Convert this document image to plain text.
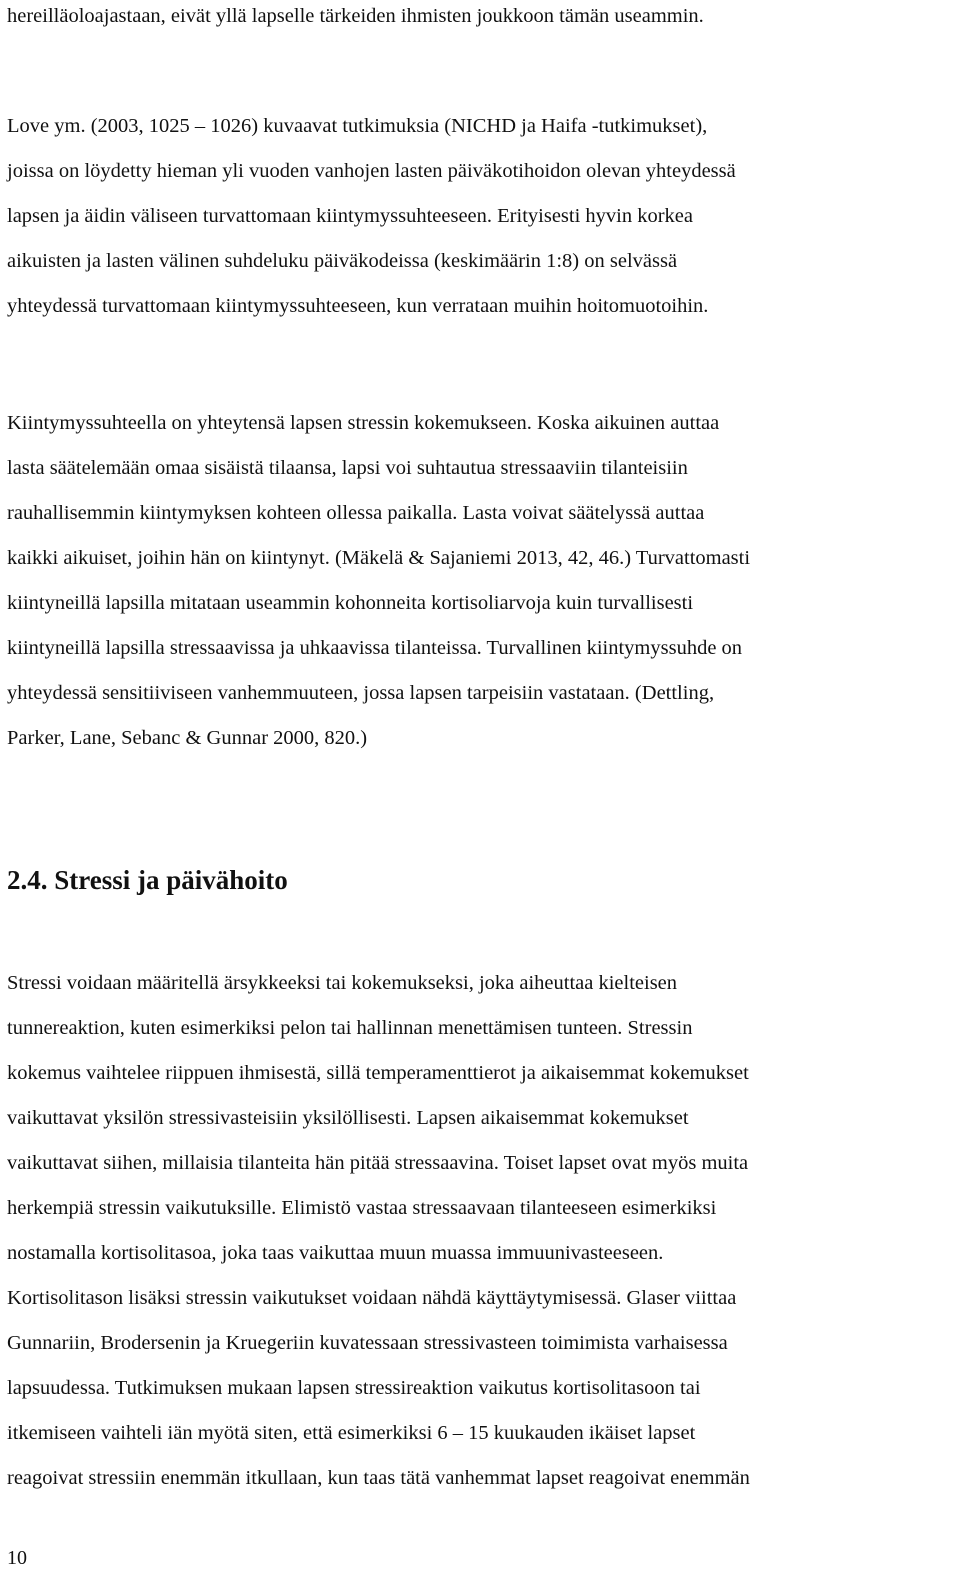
hereilläoloajastaan, eivät yllä lapselle tärkeiden ihmisten joukkoon tämän useammin.
Love ym. (2003, 1025 – 1026) kuvaavat tutkimuksia (NICHD ja Haifa -tutkimukset),
joissa on löydetty hieman yli vuoden vanhojen lasten päiväkotihoidon olevan yhteydessä
lapsen ja äidin väliseen turvattomaan kiintymyssuhteeseen. Erityisesti hyvin korkea
aikuisten ja lasten välinen suhdeluku päiväkodeissa (keskimäärin 1:8) on selvässä
yhteydessä turvattomaan kiintymyssuhteeseen, kun verrataan muihin hoitomuotoihin.
Kiintymyssuhteella on yhteytensä lapsen stressin kokemukseen. Koska aikuinen auttaa
lasta säätelemään omaa sisäistä tilaansa, lapsi voi suhtautua stressaaviin tilanteisiin
rauhallisemmin kiintymyksen kohteen ollessa paikalla. Lasta voivat säätelyssä auttaa
kaikki aikuiset, joihin hän on kiintynyt. (Mäkelä & Sajaniemi 2013, 42, 46.) Turvattomasti
kiintyneillä lapsilla mitataan useammin kohonneita kortisoliarvoja kuin turvallisesti
kiintyneillä lapsilla stressaavissa ja uhkaavissa tilanteissa. Turvallinen kiintymyssuhde on
yhteydessä sensitiiviseen vanhemmuuteen, jossa lapsen tarpeisiin vastataan. (Dettling,
Parker, Lane, Sebanc & Gunnar 2000, 820.)
2.4. Stressi ja päivähoito
Stressi voidaan määritellä ärsykkeeksi tai kokemukseksi, joka aiheuttaa kielteisen
tunnereaktion, kuten esimerkiksi pelon tai hallinnan menettämisen tunteen. Stressin
kokemus vaihtelee riippuen ihmisestä, sillä temperamenttierot ja aikaisemmat kokemukset
vaikuttavat yksilön stressivasteisiin yksilöllisesti. Lapsen aikaisemmat kokemukset
vaikuttavat siihen, millaisia tilanteita hän pitää stressaavina. Toiset lapset ovat myös muita
herkempiä stressin vaikutuksille. Elimistö vastaa stressaavaan tilanteeseen esimerkiksi
nostamalla kortisolitasoa, joka taas vaikuttaa muun muassa immuunivasteeseen.
Kortisolitason lisäksi stressin vaikutukset voidaan nähdä käyttäytymisessä. Glaser viittaa
Gunnariin, Brodersenin ja Kruegeriin kuvatessaan stressivasteen toimimista varhaisessa
lapsuudessa. Tutkimuksen mukaan lapsen stressireaktion vaikutus kortisolitasoon tai
itkemiseen vaihteli iän myötä siten, että esimerkiksi 6 – 15 kuukauden ikäiset lapset
reagoivat stressiin enemmän itkullaan, kun taas tätä vanhemmat lapset reagoivat enemmän
10
